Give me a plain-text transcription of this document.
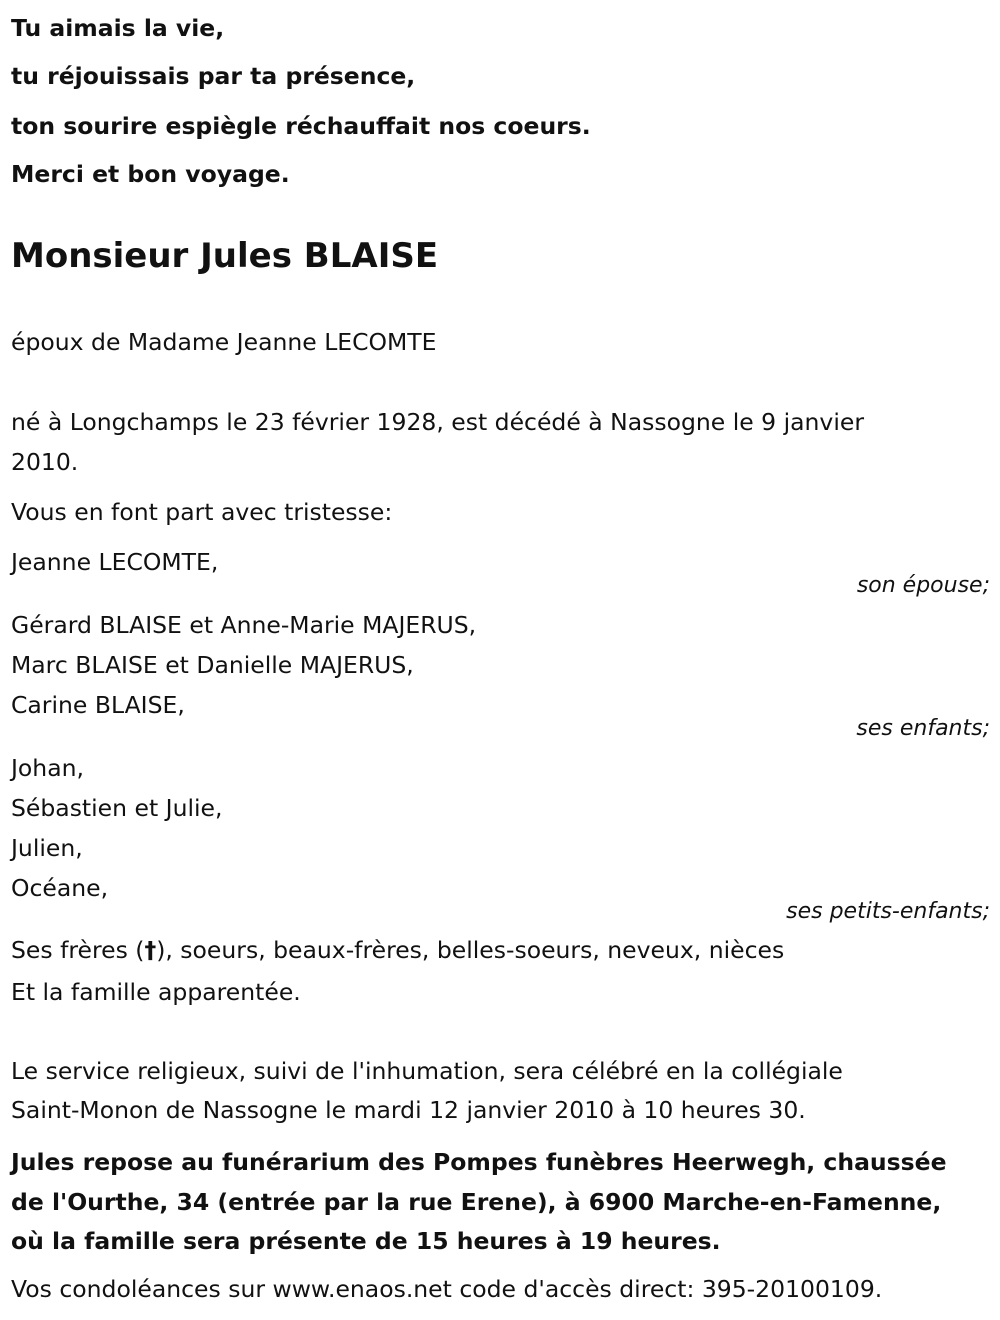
Tu aimais la vie,
tu réjouissais par ta présence,
ton sourire espiègle réchauffait nos coeurs.
Merci et bon voyage.
Monsieur Jules BLAISE
époux de Madame Jeanne LECOMTE
né à Longchamps le 23 février 1928, est décédé à Nassogne le 9 janvier
2010.
Vous en font part avec tristesse:
Jeanne LECOMTE,
son épouse;
Gérard BLAISE et Anne-Marie MAJERUS,
Marc BLAISE et Danielle MAJERUS,
Carine BLAISE,
ses enfants;
Johan,
Sébastien et Julie,
Julien,
Océane,
ses petits-enfants;
Ses frères (†), soeurs, beaux-frères, belles-soeurs, neveux, nièces
Et la famille apparentée.
Le service religieux, suivi de l'inhumation, sera célébré en la collégiale
Saint-Monon de Nassogne le mardi 12 janvier 2010 à 10 heures 30.
Jules repose au funérarium des Pompes funèbres Heerwegh, chaussée
de l'Ourthe, 34 (entrée par la rue Erene), à 6900 Marche-en-Famenne,
où la famille sera présente de 15 heures à 19 heures.
Vos condoléances sur www.enaos.net code d'accès direct: 395-20100109.
